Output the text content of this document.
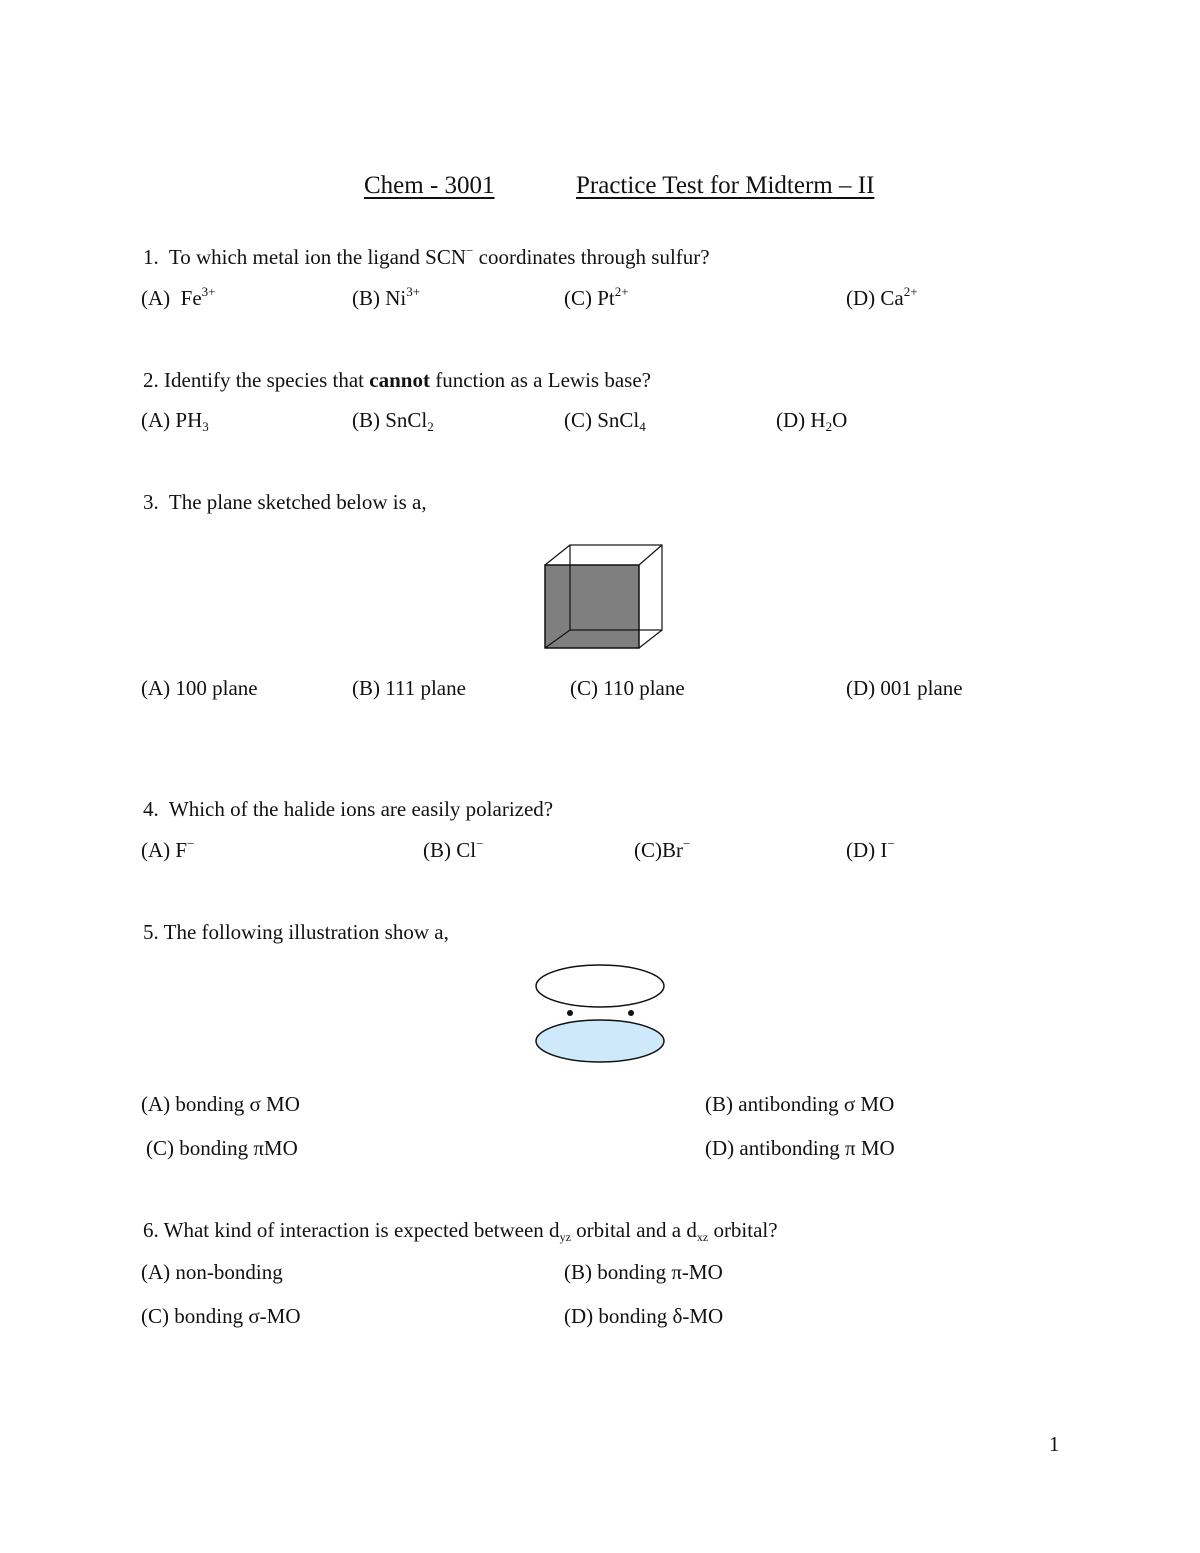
Chem - 3001	Practice Test for Midterm – II
1. To which metal ion the ligand SCN− coordinates through sulfur?
(A) $Fe^{3+}$	(B) $Ni^{3+}$	(C) $Pt^{2+}$	(D) $Ca^{2+}$
2. Identify the species that cannot function as a Lewis base?
(A) $PH_3$	(B) SnCl$_2$	(C) SnCl$_4$	(D) $H_2O$
3. The plane sketched below is a,
(A) 100 plane	(B) 111 plane	(C) 110 plane	(D) 001 plane
4. Which of the halide ions are easily polarized?
(A) F−	(B) Cl−	(C)Br−	(D) I−
5. The following illustration show a,
(A) bonding σ MO	(B) antibonding σ MO
(C) bonding πMO	(D) antibonding π MO
6. What kind of interaction is expected between dyz orbital and a dxz orbital?
(A) non-bonding	(B) bonding π-MO
(C) bonding σ-MO	(D) bonding δ-MO
1
